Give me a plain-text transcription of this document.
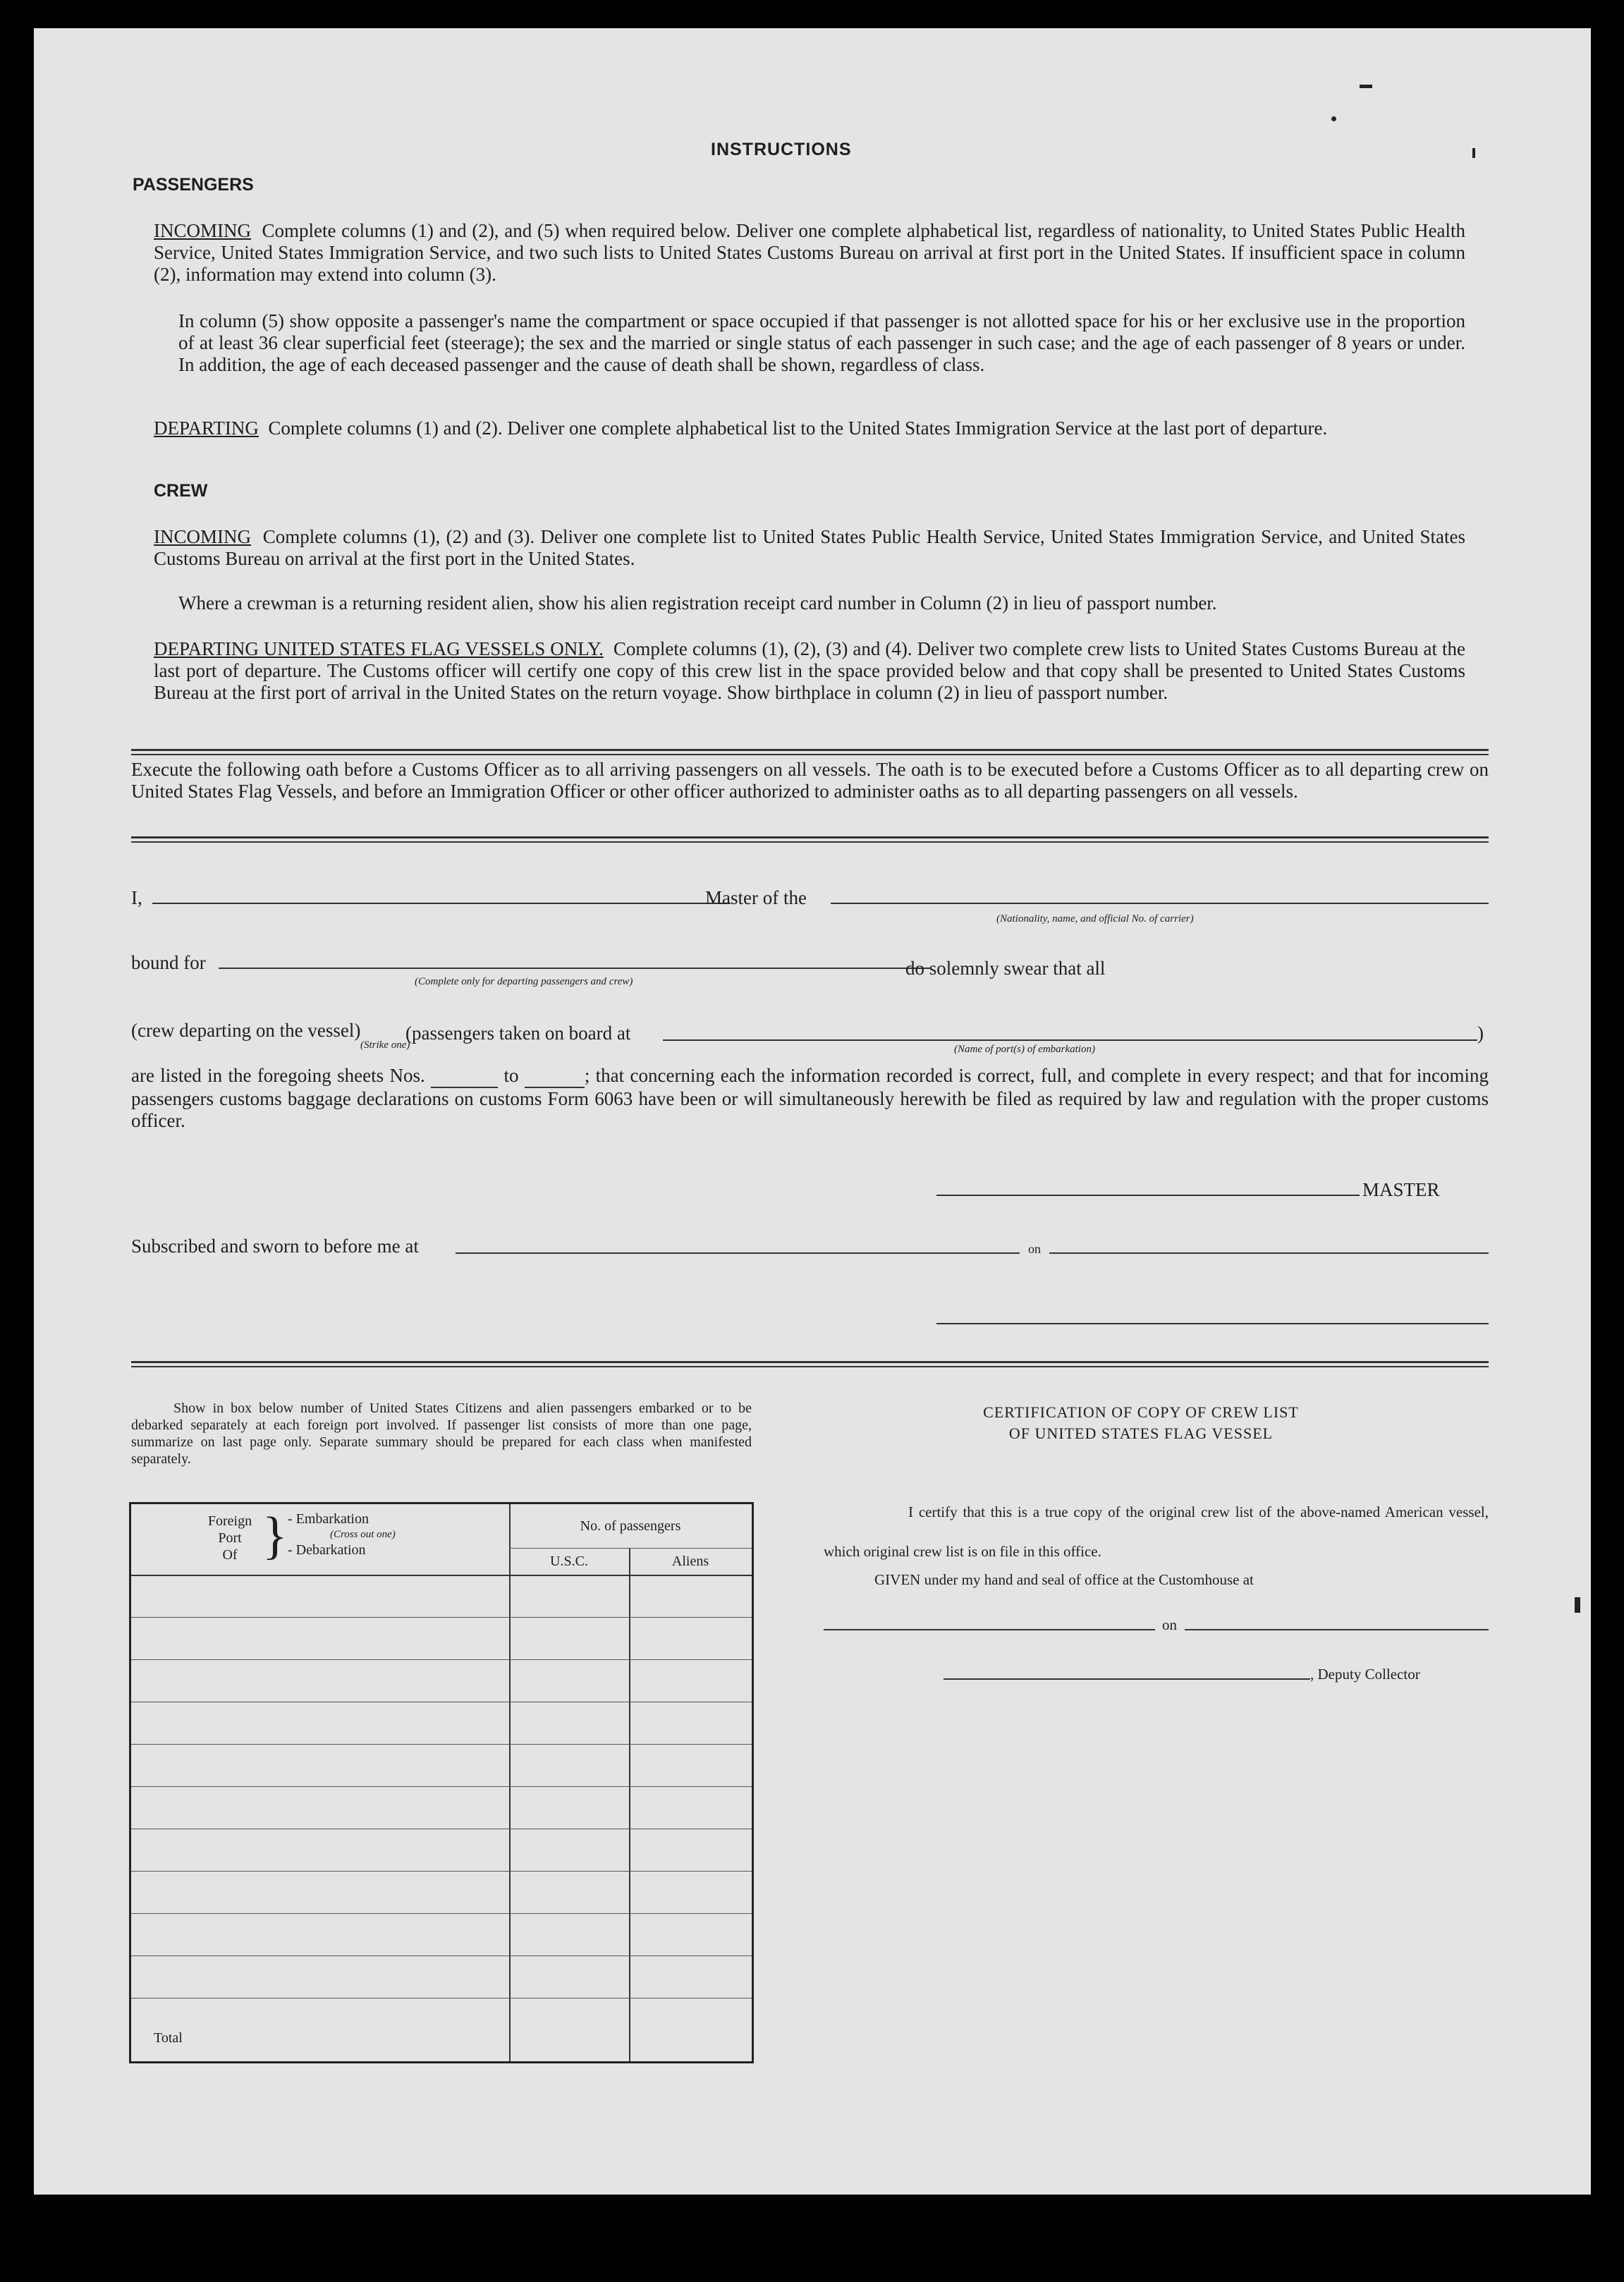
INSTRUCTIONS
PASSENGERS
INCOMING Complete columns (1) and (2), and (5) when required below. Deliver one complete alphabetical list, regardless of nationality, to United States Public Health Service, United States Immigration Service, and two such lists to United States Customs Bureau on arrival at first port in the United States. If insufficient space in column (2), information may extend into column (3).
In column (5) show opposite a passenger's name the compartment or space occupied if that passenger is not allotted space for his or her exclusive use in the proportion of at least 36 clear superficial feet (steerage); the sex and the married or single status of each passenger in such case; and the age of each passenger of 8 years or under. In addition, the age of each deceased passenger and the cause of death shall be shown, regardless of class.
DEPARTING Complete columns (1) and (2). Deliver one complete alphabetical list to the United States Immigration Service at the last port of departure.
CREW
INCOMING Complete columns (1), (2) and (3). Deliver one complete list to United States Public Health Service, United States Immigration Service, and United States Customs Bureau on arrival at the first port in the United States.
Where a crewman is a returning resident alien, show his alien registration receipt card number in Column (2) in lieu of passport number.
DEPARTING UNITED STATES FLAG VESSELS ONLY. Complete columns (1), (2), (3) and (4). Deliver two complete crew lists to United States Customs Bureau at the last port of departure. The Customs officer will certify one copy of this crew list in the space provided below and that copy shall be presented to United States Customs Bureau at the first port of arrival in the United States on the return voyage. Show birthplace in column (2) in lieu of passport number.
Execute the following oath before a Customs Officer as to all arriving passengers on all vessels. The oath is to be executed before a Customs Officer as to all departing crew on United States Flag Vessels, and before an Immigration Officer or other officer authorized to administer oaths as to all departing passengers on all vessels.
I,	Master of the
(Nationality, name, and official No. of carrier)
bound for	do solemnly swear that all
(Complete only for departing passengers and crew)
(crew departing on the vessel) (passengers taken on board at	)
(Strike one)	(Name of port(s) of embarkation)
are listed in the foregoing sheets Nos.	to	; that concerning each the information recorded is correct, full, and complete in every respect; and that for incoming passengers customs baggage declarations on customs Form 6063 have been or will simultaneously herewith be filed as required by law and regulation with the proper customs officer.
MASTER
Subscribed and sworn to before me at	on
Show in box below number of United States Citizens and alien passengers embarked or to be debarked separately at each foreign port involved. If passenger list consists of more than one page, summarize on last page only. Separate summary should be prepared for each class when manifested separately.
Foreign
Port
Of } - Embarkation
(Cross out one)
- Debarkation
No. of passengers
U.S.C.	Aliens
Total
CERTIFICATION OF COPY OF CREW LIST
OF UNITED STATES FLAG VESSEL
I certify that this is a true copy of the original crew list of the above-named American vessel, which original crew list is on file in this office.
GIVEN under my hand and seal of office at the Customhouse at
on
, Deputy Collector
